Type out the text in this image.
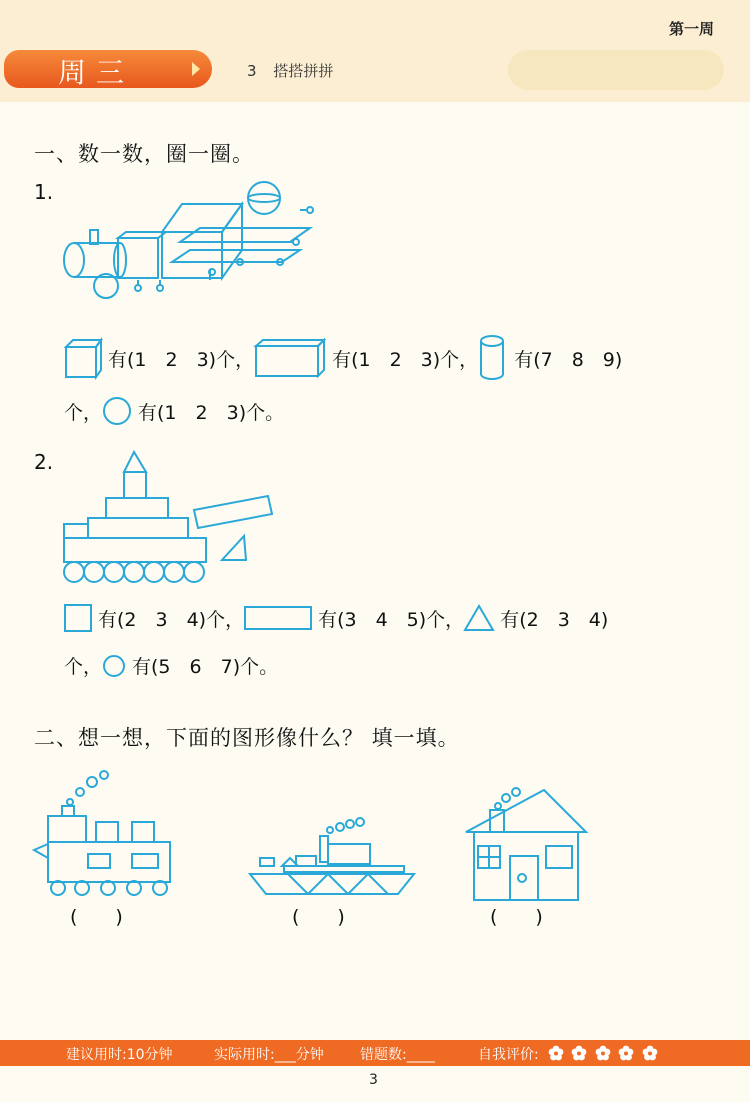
第一周
周三	3 搭搭拼拼
一、数一数，圈一圈。
1.
有(1　2　3)个，	有(1　2　3)个， 有(7　8　9)
个， 有(1　2　3)个。
2.
有(2　3　4)个，	有(3　4　5)个， 有(2　3　4)
个， 有(5　6　7)个。
二、想一想，下面的图形像什么？ 填一填。
(　　)	(　　)	(　　)
建议用时:10分钟	实际用时:___分钟	错题数:____	自我评价:

3
